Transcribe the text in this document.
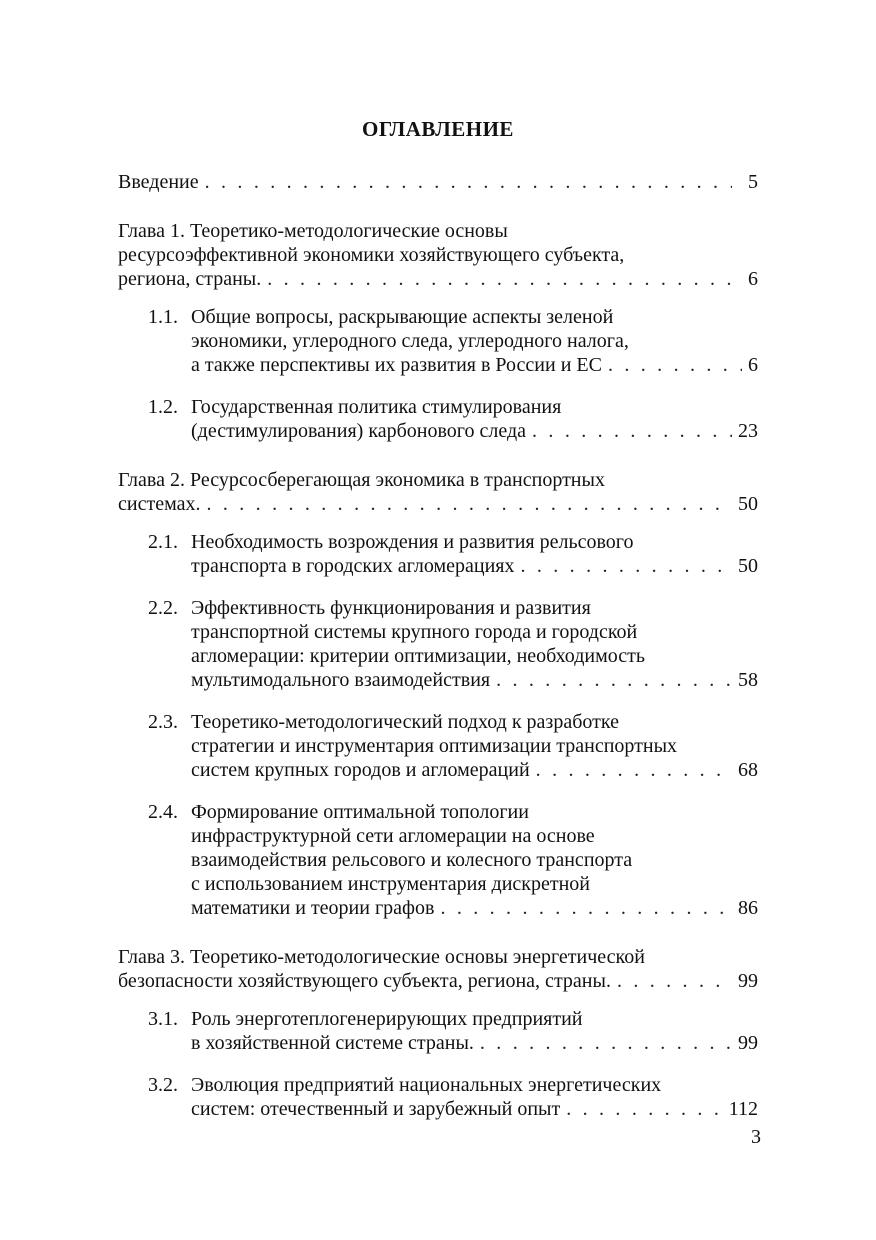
ОГЛАВЛЕНИЕ
Введение . . .	5
Глава 1. Теоретико-методологические основы
ресурсоэффективной экономики хозяйствующего субъекта,
региона, страны. . . .	6
1.1. Общие вопросы, раскрывающие аспекты зеленой
экономики, углеродного следа, углеродного налога,
а также перспективы их развития в России и ЕС . . .	6
1.2. Государственная политика стимулирования
(дестимулирования) карбонового следа . . .	23
Глава 2. Ресурсосберегающая экономика в транспортных
системах. . . .	50
2.1. Необходимость возрождения и развития рельсового
транспорта в городских агломерациях . . .	50
2.2. Эффективность функционирования и развития
транспортной системы крупного города и городской
агломерации: критерии оптимизации, необходимость
мультимодального взаимодействия . . .	58
2.3. Теоретико-методологический подход к разработке
стратегии и инструментария оптимизации транспортных
систем крупных городов и агломераций . . .	68
2.4. Формирование оптимальной топологии
инфраструктурной сети агломерации на основе
взаимодействия рельсового и колесного транспорта
с использованием инструментария дискретной
математики и теории графов . . .	86
Глава 3. Теоретико-методологические основы энергетической
безопасности хозяйствующего субъекта, региона, страны. . . .	99
3.1. Роль энерготеплогенерирующих предприятий
в хозяйственной системе страны. . . .	99
3.2. Эволюция предприятий национальных энергетических
систем: отечественный и зарубежный опыт . . .	112
3
